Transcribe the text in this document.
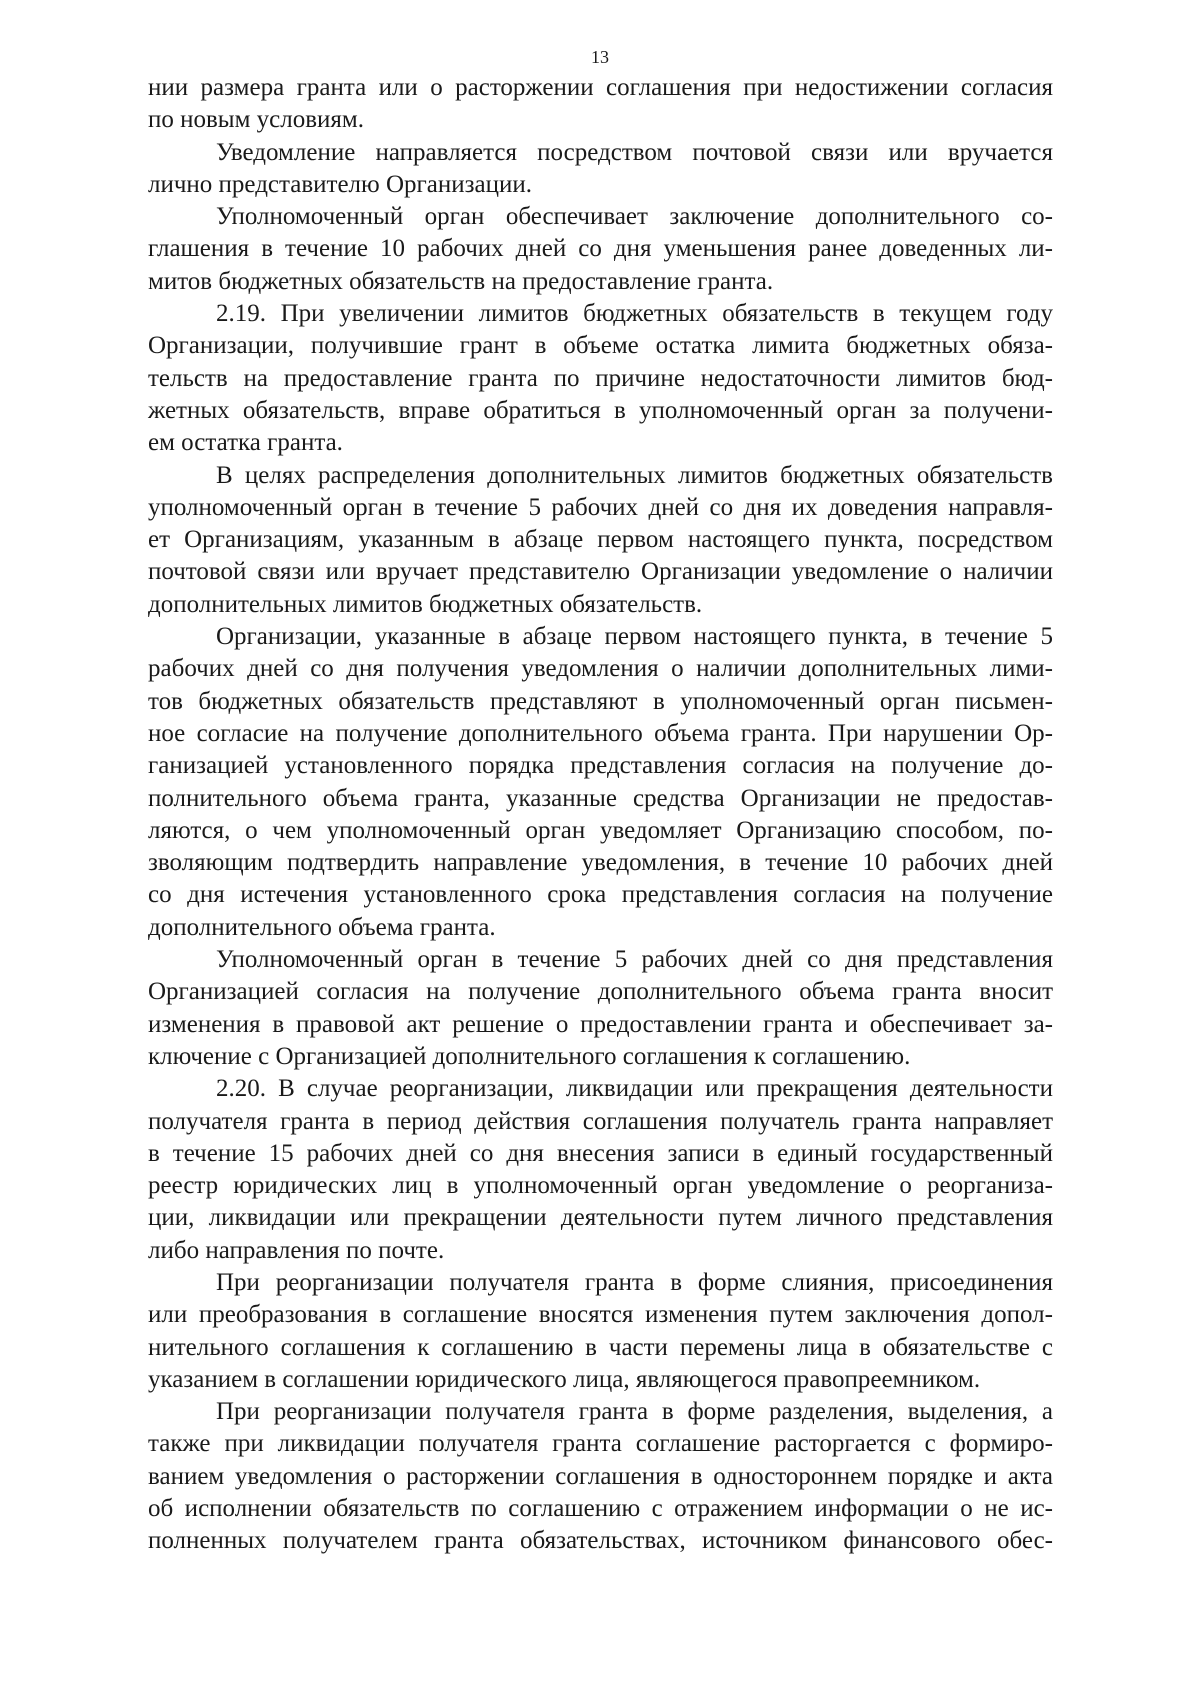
13
нии размера гранта или о расторжении соглашения при недостижении согласия
по новым условиям.
Уведомление направляется посредством почтовой связи или вручается
лично представителю Организации.
Уполномоченный орган обеспечивает заключение дополнительного со-
глашения в течение 10 рабочих дней со дня уменьшения ранее доведенных ли-
митов бюджетных обязательств на предоставление гранта.
2.19. При увеличении лимитов бюджетных обязательств в текущем году
Организации, получившие грант в объеме остатка лимита бюджетных обяза-
тельств на предоставление гранта по причине недостаточности лимитов бюд-
жетных обязательств, вправе обратиться в уполномоченный орган за получени-
ем остатка гранта.
В целях распределения дополнительных лимитов бюджетных обязательств
уполномоченный орган в течение 5 рабочих дней со дня их доведения направля-
ет Организациям, указанным в абзаце первом настоящего пункта, посредством
почтовой связи или вручает представителю Организации уведомление о наличии
дополнительных лимитов бюджетных обязательств.
Организации, указанные в абзаце первом настоящего пункта, в течение 5
рабочих дней со дня получения уведомления о наличии дополнительных лими-
тов бюджетных обязательств представляют в уполномоченный орган письмен-
ное согласие на получение дополнительного объема гранта. При нарушении Ор-
ганизацией установленного порядка представления согласия на получение до-
полнительного объема гранта, указанные средства Организации не предостав-
ляются, о чем уполномоченный орган уведомляет Организацию способом, по-
зволяющим подтвердить направление уведомления, в течение 10 рабочих дней
со дня истечения установленного срока представления согласия на получение
дополнительного объема гранта.
Уполномоченный орган в течение 5 рабочих дней со дня представления
Организацией согласия на получение дополнительного объема гранта вносит
изменения в правовой акт решение о предоставлении гранта и обеспечивает за-
ключение с Организацией дополнительного соглашения к соглашению.
2.20. В случае реорганизации, ликвидации или прекращения деятельности
получателя гранта в период действия соглашения получатель гранта направляет
в течение 15 рабочих дней со дня внесения записи в единый государственный
реестр юридических лиц в уполномоченный орган уведомление о реорганиза-
ции, ликвидации или прекращении деятельности путем личного представления
либо направления по почте.
При реорганизации получателя гранта в форме слияния, присоединения
или преобразования в соглашение вносятся изменения путем заключения допол-
нительного соглашения к соглашению в части перемены лица в обязательстве с
указанием в соглашении юридического лица, являющегося правопреемником.
При реорганизации получателя гранта в форме разделения, выделения, а
также при ликвидации получателя гранта соглашение расторгается с формиро-
ванием уведомления о расторжении соглашения в одностороннем порядке и акта
об исполнении обязательств по соглашению с отражением информации о не ис-
полненных получателем гранта обязательствах, источником финансового обес-
